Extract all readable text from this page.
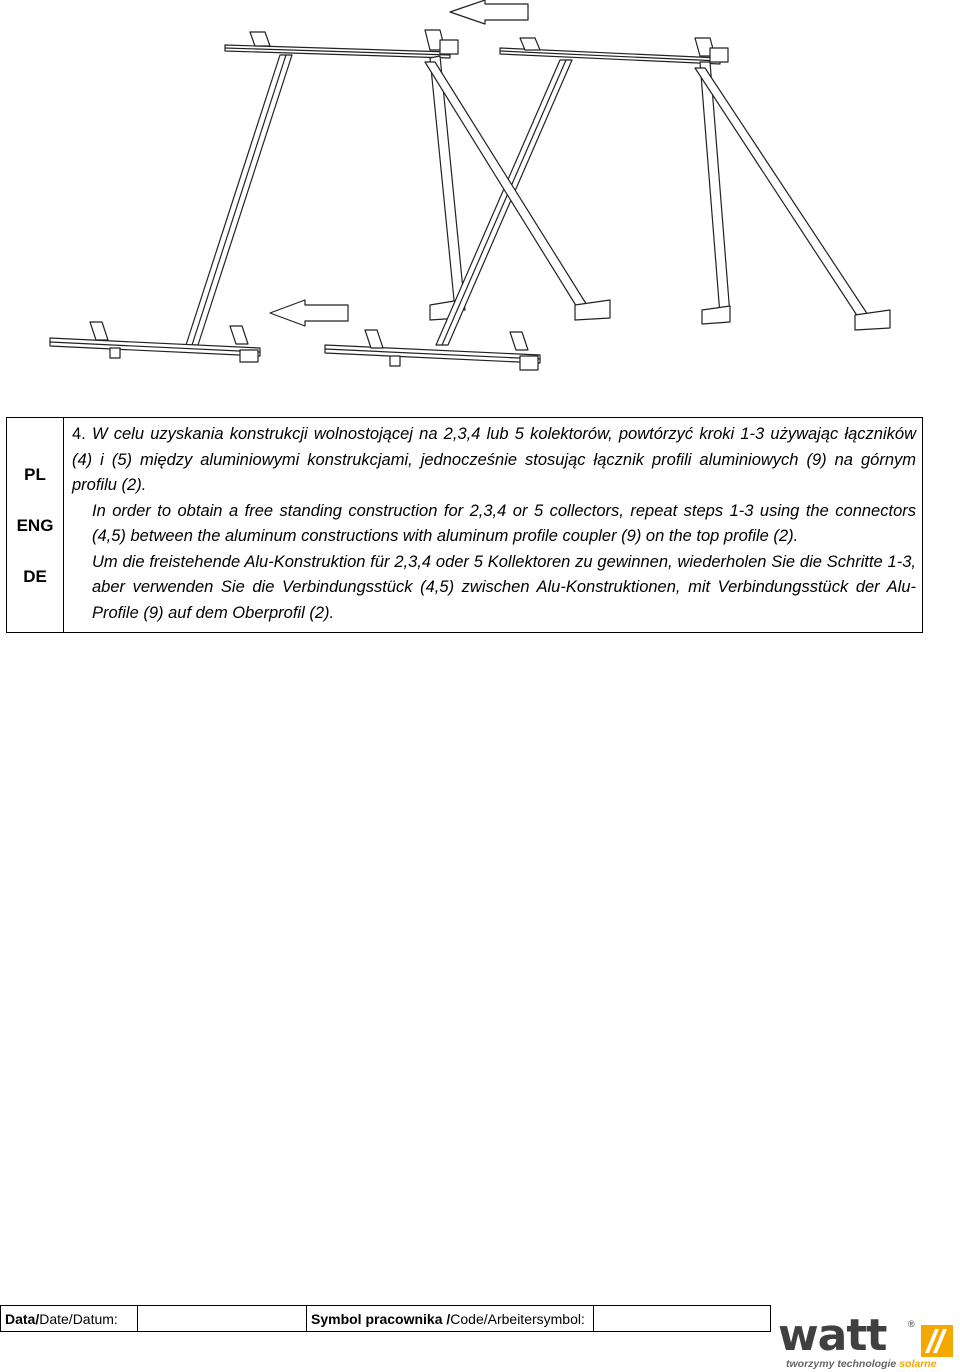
PL
ENG
DE

4. W celu uzyskania konstrukcji wolnostojącej na 2,3,4 lub 5 kolektorów, powtórzyć kroki 1-3 używając łączników (4) i (5) między aluminiowymi konstrukcjami, jednocześnie stosując łącznik profili aluminiowych (9) na górnym profilu (2).

In order to obtain a free standing construction for 2,3,4 or 5 collectors, repeat steps 1-3 using the connectors (4,5) between the aluminum constructions with aluminum profile coupler (9) on the top profile (2).

Um die freistehende Alu-Konstruktion für 2,3,4 oder 5 Kollektoren zu gewinnen, wiederholen Sie die Schritte 1-3, aber verwenden Sie die Verbindungsstück (4,5) zwischen Alu-Konstruktionen, mit Verbindungsstück der Alu-Profile (9) auf dem Oberprofil (2).

Data/Date/Datum:		Symbol pracownika /Code/Arbeitersymbol:		watt ®
tworzymy technologie solarne
